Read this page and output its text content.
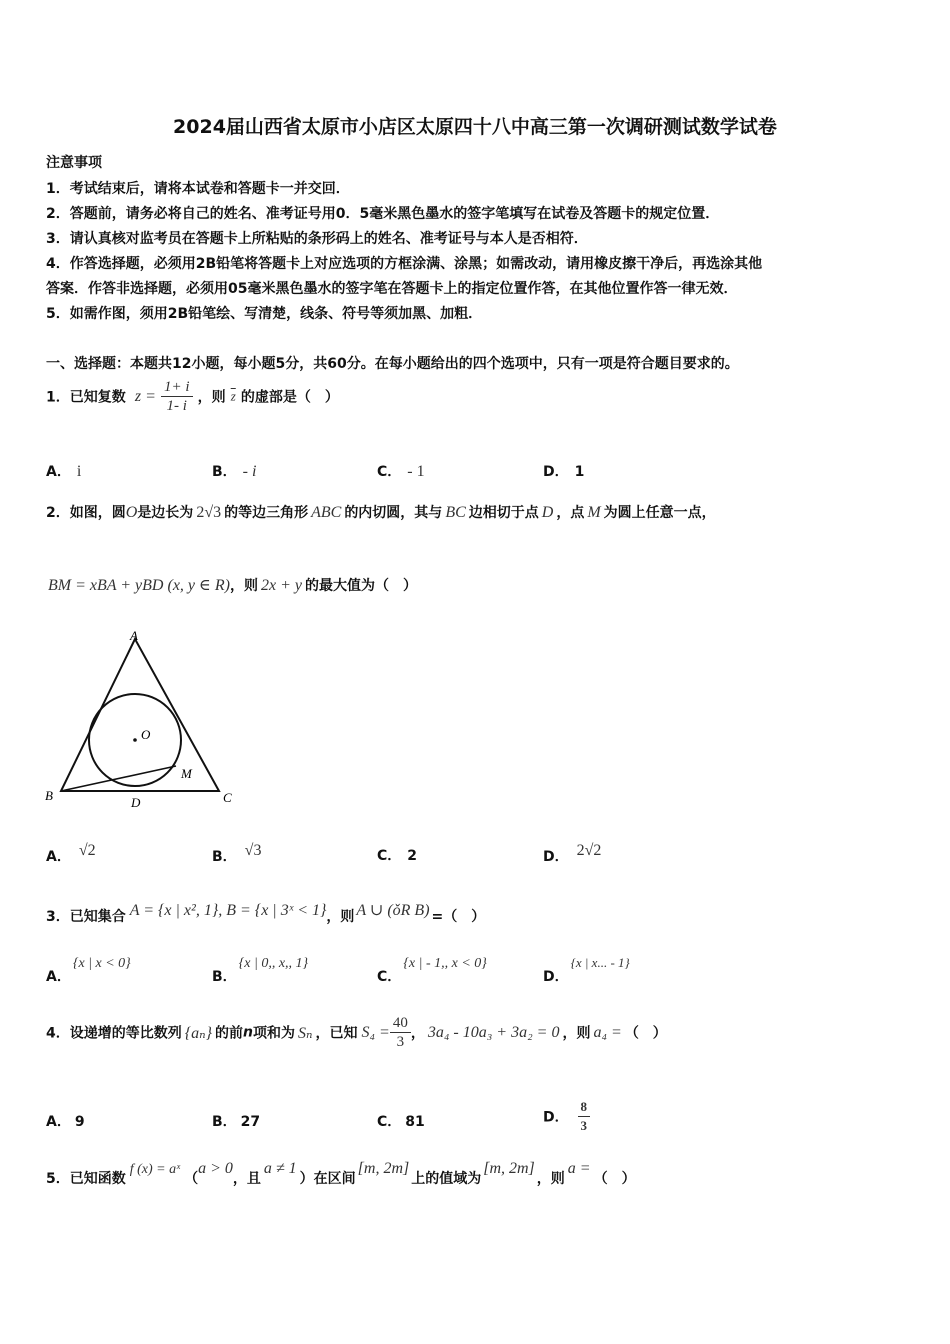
2024届山西省太原市小店区太原四十八中高三第一次调研测试数学试卷
注意事项
1．考试结束后，请将本试卷和答题卡一并交回．
2．答题前，请务必将自己的姓名、准考证号用0．5毫米黑色墨水的签字笔填写在试卷及答题卡的规定位置．
3．请认真核对监考员在答题卡上所粘贴的条形码上的姓名、准考证号与本人是否相符．
4．作答选择题，必须用2B铅笔将答题卡上对应选项的方框涂满、涂黑；如需改动，请用橡皮擦干净后，再选涂其他
答案．作答非选择题，必须用05毫米黑色墨水的签字笔在答题卡上的指定位置作答，在其他位置作答一律无效．
5．如需作图，须用2B铅笔绘、写清楚，线条、符号等须加黑、加粗．
一、选择题：本题共12小题，每小题5分，共60分。在每小题给出的四个选项中，只有一项是符合题目要求的。
1．已知复数 $z = \frac{1+ i}{1- i}$ ，则 $\overline{z}$ 的虚部是（　）
A． i	B． - i	C． - 1	D． 1
2．如图，圆O是边长为 2√3 的等边三角形 ABC 的内切圆，其与 BC 边相切于点 D ，点 M 为圆上任意一点，
BM = xBA + yBD (x, y ∈ R)，则 2x + y 的最大值为（　）
A
B	C
D
O
M
A． √2	B． √3	C． 2	D． 2√2
3．已知集合 A = {x | x², 1}, B = {x | 3ˣ < 1}，则 A ∪ (ǒR B) =（　）
A．{x | x < 0}
B．{x | 0,, x,, 1}
C．{x | - 1,, x < 0}
D．{x | x... - 1}
4．设递增的等比数列 {aₙ} 的前n项和为 Sₙ ，已知 $S_4 = \frac{40}{3}$ ， 3a₄ - 10a₃ + 3a₂ = 0 ，则 a₄ = （　）
A． 9	B． 27	C． 81	D． $\frac{8}{3}$
5．已知函数f (x) = aˣ（a > 0，且a ≠ 1）在区间[m, 2m]上的值域为[m, 2m]，则a =（　）
